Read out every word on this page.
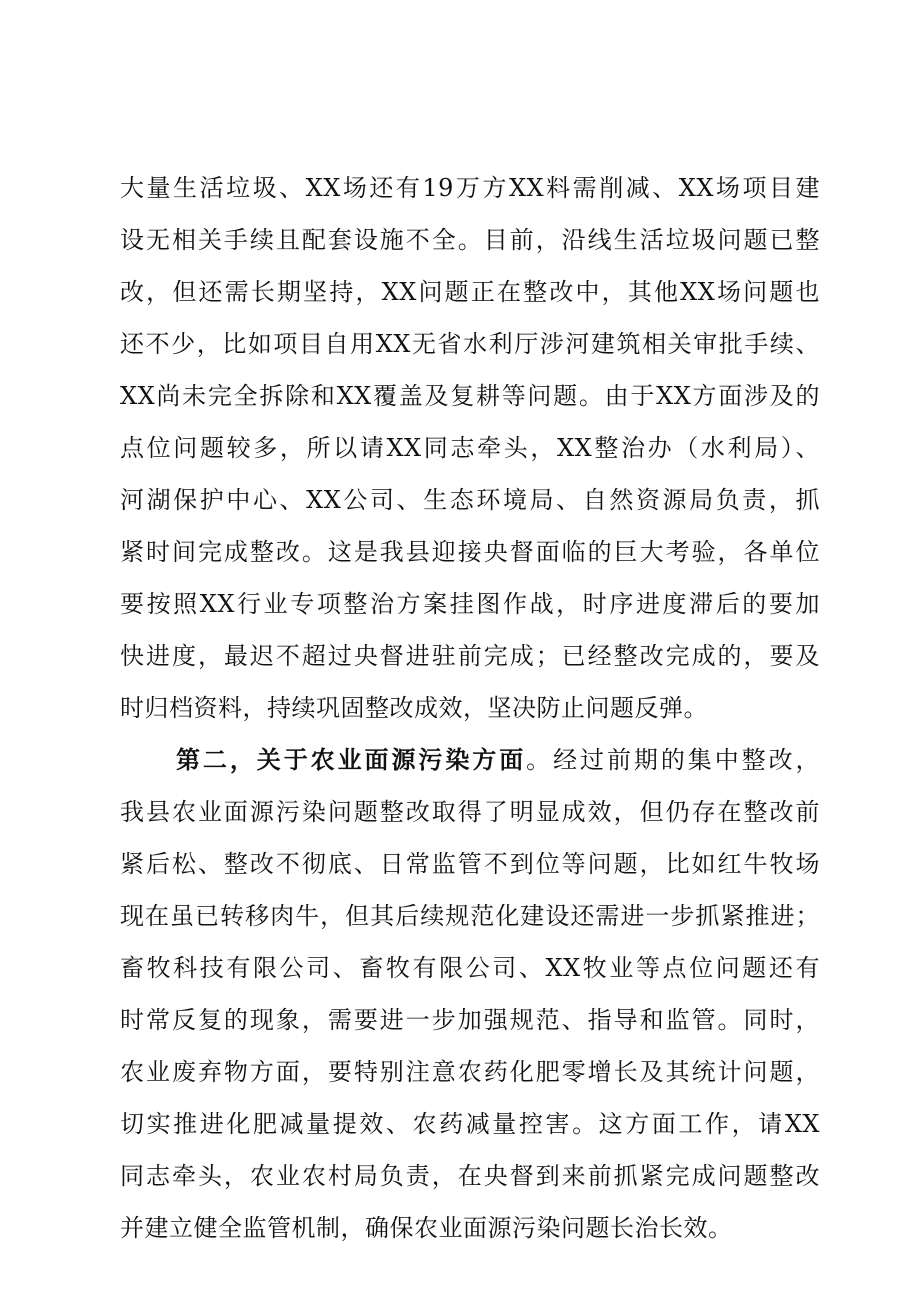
大量生活垃圾、XX场还有19万方XX料需削减、XX场项目建
设无相关手续且配套设施不全。目前，沿线生活垃圾问题已整
改，但还需长期坚持，XX问题正在整改中，其他XX场问题也
还不少，比如项目自用XX无省水利厅涉河建筑相关审批手续、
XX尚未完全拆除和XX覆盖及复耕等问题。由于XX方面涉及的
点位问题较多，所以请XX同志牵头，XX整治办（水利局）、
河湖保护中心、XX公司、生态环境局、自然资源局负责，抓
紧时间完成整改。这是我县迎接央督面临的巨大考验，各单位
要按照XX行业专项整治方案挂图作战，时序进度滞后的要加
快进度，最迟不超过央督进驻前完成；已经整改完成的，要及
时归档资料，持续巩固整改成效，坚决防止问题反弹。
第二，关于农业面源污染方面。经过前期的集中整改，
我县农业面源污染问题整改取得了明显成效，但仍存在整改前
紧后松、整改不彻底、日常监管不到位等问题，比如红牛牧场
现在虽已转移肉牛，但其后续规范化建设还需进一步抓紧推进；
畜牧科技有限公司、畜牧有限公司、XX牧业等点位问题还有
时常反复的现象，需要进一步加强规范、指导和监管。同时，
农业废弃物方面，要特别注意农药化肥零增长及其统计问题，
切实推进化肥减量提效、农药减量控害。这方面工作，请XX
同志牵头，农业农村局负责，在央督到来前抓紧完成问题整改
并建立健全监管机制，确保农业面源污染问题长治长效。
